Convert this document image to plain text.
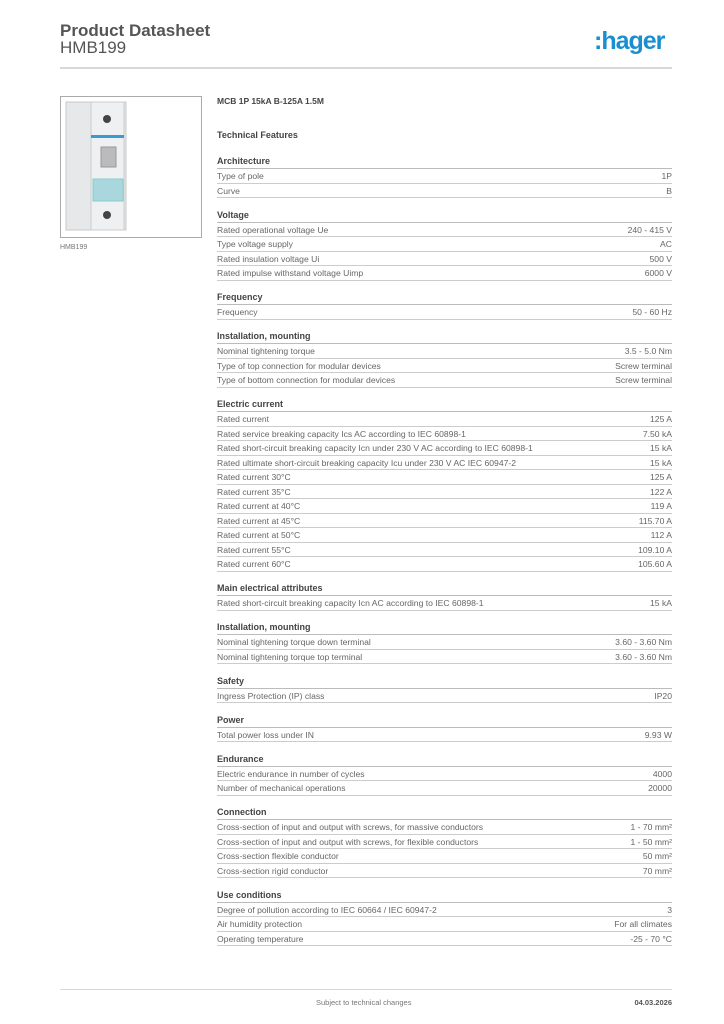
Product Datasheet
HMB199	:hager
HMB199
MCB 1P 15kA B-125A 1.5M
Technical Features
Architecture
Type of pole	1P
Curve	B
Voltage
Rated operational voltage Ue	240 - 415 V
Type voltage supply	AC
Rated insulation voltage Ui	500 V
Rated impulse withstand voltage Uimp	6000 V
Frequency
Frequency	50 - 60 Hz
Installation, mounting
Nominal tightening torque	3.5 - 5.0 Nm
Type of top connection for modular devices	Screw terminal
Type of bottom connection for modular devices	Screw terminal
Electric current
Rated current	125 A
Rated service breaking capacity Ics AC according to IEC 60898-1	7.50 kA
Rated short-circuit breaking capacity Icn under 230 V AC according to IEC 60898-1	15 kA
Rated ultimate short-circuit breaking capacity Icu under 230 V AC IEC 60947-2	15 kA
Rated current 30°C	125 A
Rated current 35°C	122 A
Rated current at 40°C	119 A
Rated current at 45°C	115.70 A
Rated current at 50°C	112 A
Rated current 55°C	109.10 A
Rated current 60°C	105.60 A
Main electrical attributes
Rated short-circuit breaking capacity Icn AC according to IEC 60898-1	15 kA
Installation, mounting
Nominal tightening torque down terminal	3.60 - 3.60 Nm
Nominal tightening torque top terminal	3.60 - 3.60 Nm
Safety
Ingress Protection (IP) class	IP20
Power
Total power loss under IN	9.93 W
Endurance
Electric endurance in number of cycles	4000
Number of mechanical operations	20000
Connection
Cross-section of input and output with screws, for massive conductors	1 - 70 mm²
Cross-section of input and output with screws, for flexible conductors	1 - 50 mm²
Cross-section flexible conductor	50 mm²
Cross-section rigid conductor	70 mm²
Use conditions
Degree of pollution according to IEC 60664 / IEC 60947-2	3
Air humidity protection	For all climates
Operating temperature	-25 - 70 °C
Subject to technical changes	04.03.2026
